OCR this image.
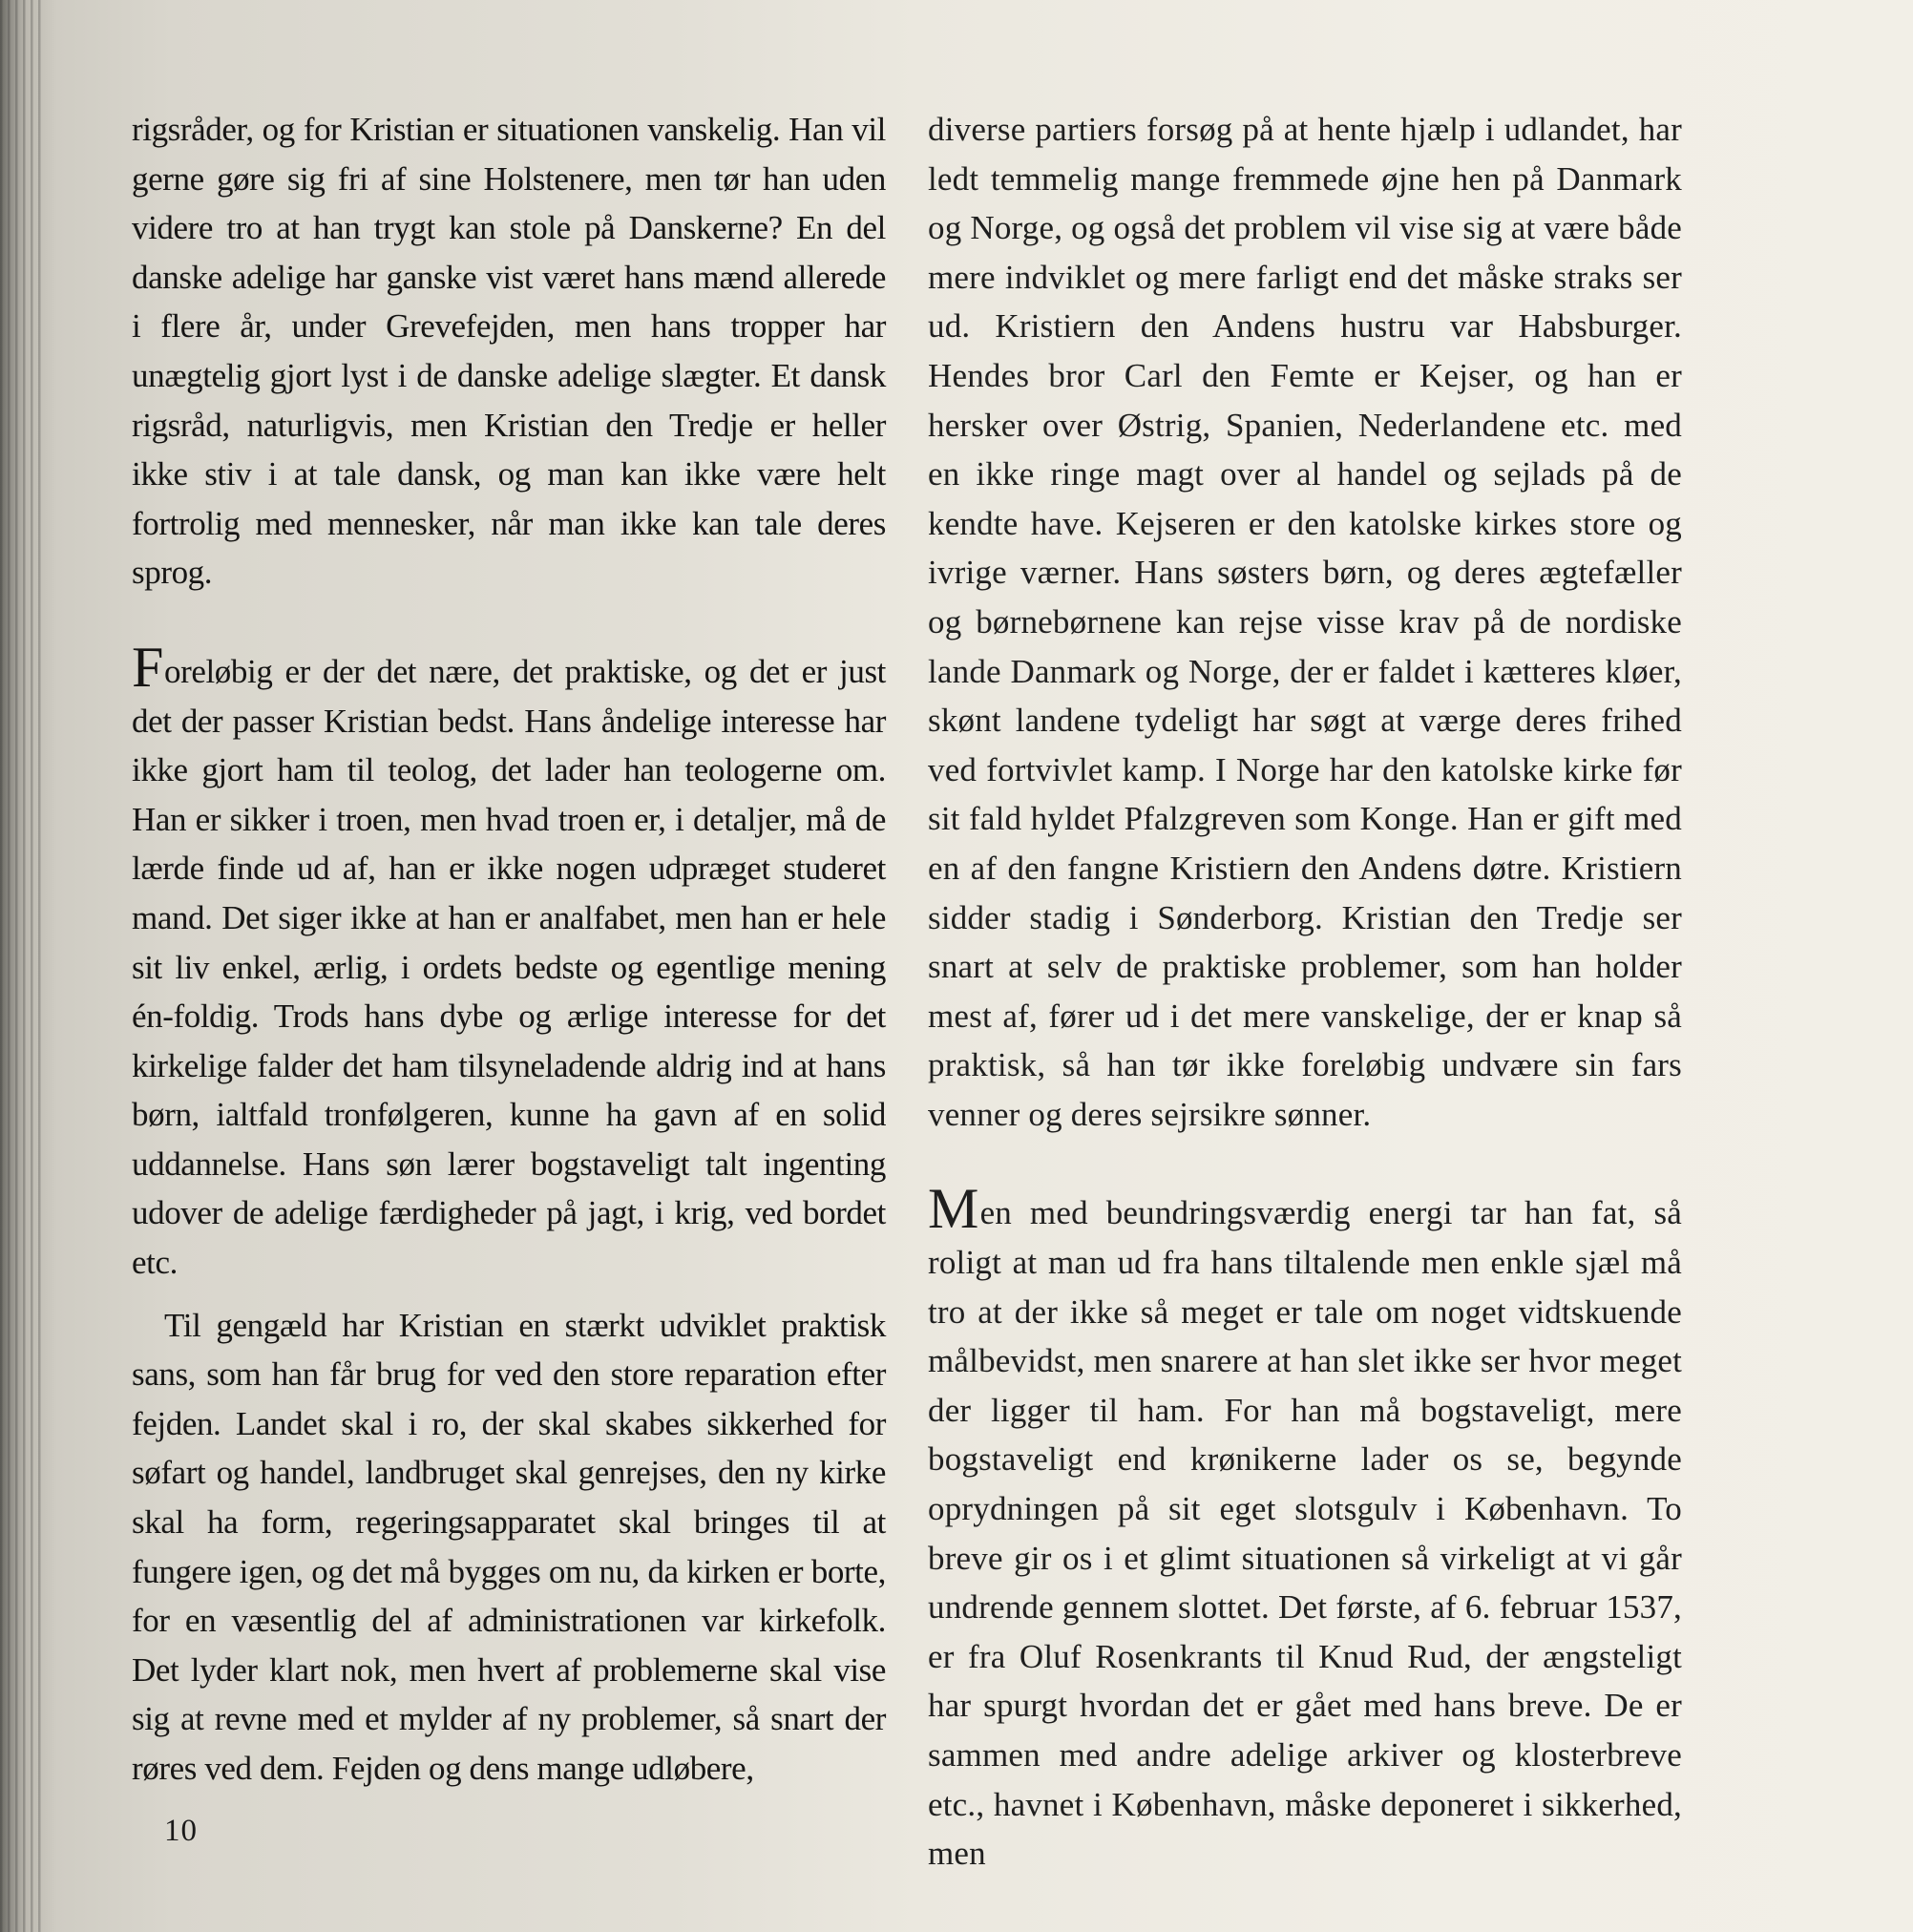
rigsråder, og for Kristian er situationen vanskelig. Han vil gerne gøre sig fri af sine Holstenere, men tør han uden videre tro at han trygt kan stole på Danskerne? En del danske adelige har ganske vist været hans mænd allerede i flere år, under Grevefejden, men hans tropper har unægtelig gjort lyst i de danske adelige slægter. Et dansk rigsråd, naturligvis, men Kristian den Tredje er heller ikke stiv i at tale dansk, og man kan ikke være helt fortrolig med mennesker, når man ikke kan tale deres sprog.

Foreløbig er der det nære, det praktiske, og det er just det der passer Kristian bedst. Hans åndelige interesse har ikke gjort ham til teolog, det lader han teologerne om. Han er sikker i troen, men hvad troen er, i detaljer, må de lærde finde ud af, han er ikke nogen udpræget studeret mand. Det siger ikke at han er analfabet, men han er hele sit liv enkel, ærlig, i ordets bedste og egentlige mening én-foldig. Trods hans dybe og ærlige interesse for det kirkelige falder det ham tilsyneladende aldrig ind at hans børn, ialtfald tronfølgeren, kunne ha gavn af en solid uddannelse. Hans søn lærer bogstaveligt talt ingenting udover de adelige færdigheder på jagt, i krig, ved bordet etc.

Til gengæld har Kristian en stærkt udviklet praktisk sans, som han får brug for ved den store reparation efter fejden. Landet skal i ro, der skal skabes sikkerhed for søfart og handel, landbruget skal genrejses, den ny kirke skal ha form, regeringsapparatet skal bringes til at fungere igen, og det må bygges om nu, da kirken er borte, for en væsentlig del af administrationen var kirkefolk. Det lyder klart nok, men hvert af problemerne skal vise sig at revne med et mylder af ny problemer, så snart der røres ved dem. Fejden og dens mange udløbere,

diverse partiers forsøg på at hente hjælp i udlandet, har ledt temmelig mange fremmede øjne hen på Danmark og Norge, og også det problem vil vise sig at være både mere indviklet og mere farligt end det måske straks ser ud. Kristiern den Andens hustru var Habsburger. Hendes bror Carl den Femte er Kejser, og han er hersker over Østrig, Spanien, Nederlandene etc. med en ikke ringe magt over al handel og sejlads på de kendte have. Kejseren er den katolske kirkes store og ivrige værner. Hans søsters børn, og deres ægtefæller og børnebørnene kan rejse visse krav på de nordiske lande Danmark og Norge, der er faldet i kætteres kløer, skønt landene tydeligt har søgt at værge deres frihed ved fortvivlet kamp. I Norge har den katolske kirke før sit fald hyldet Pfalzgreven som Konge. Han er gift med en af den fangne Kristiern den Andens døtre. Kristiern sidder stadig i Sønderborg. Kristian den Tredje ser snart at selv de praktiske problemer, som han holder mest af, fører ud i det mere vanskelige, der er knap så praktisk, så han tør ikke foreløbig undvære sin fars venner og deres sejrsikre sønner.

Men med beundringsværdig energi tar han fat, så roligt at man ud fra hans tiltalende men enkle sjæl må tro at der ikke så meget er tale om noget vidtskuende målbevidst, men snarere at han slet ikke ser hvor meget der ligger til ham. For han må bogstaveligt, mere bogstaveligt end krønikerne lader os se, begynde oprydningen på sit eget slotsgulv i København. To breve gir os i et glimt situationen så virkeligt at vi går undrende gennem slottet. Det første, af 6. februar 1537, er fra Oluf Rosenkrants til Knud Rud, der ængsteligt har spurgt hvordan det er gået med hans breve. De er sammen med andre adelige arkiver og klosterbreve etc., havnet i København, måske deponeret i sikkerhed, men

10
